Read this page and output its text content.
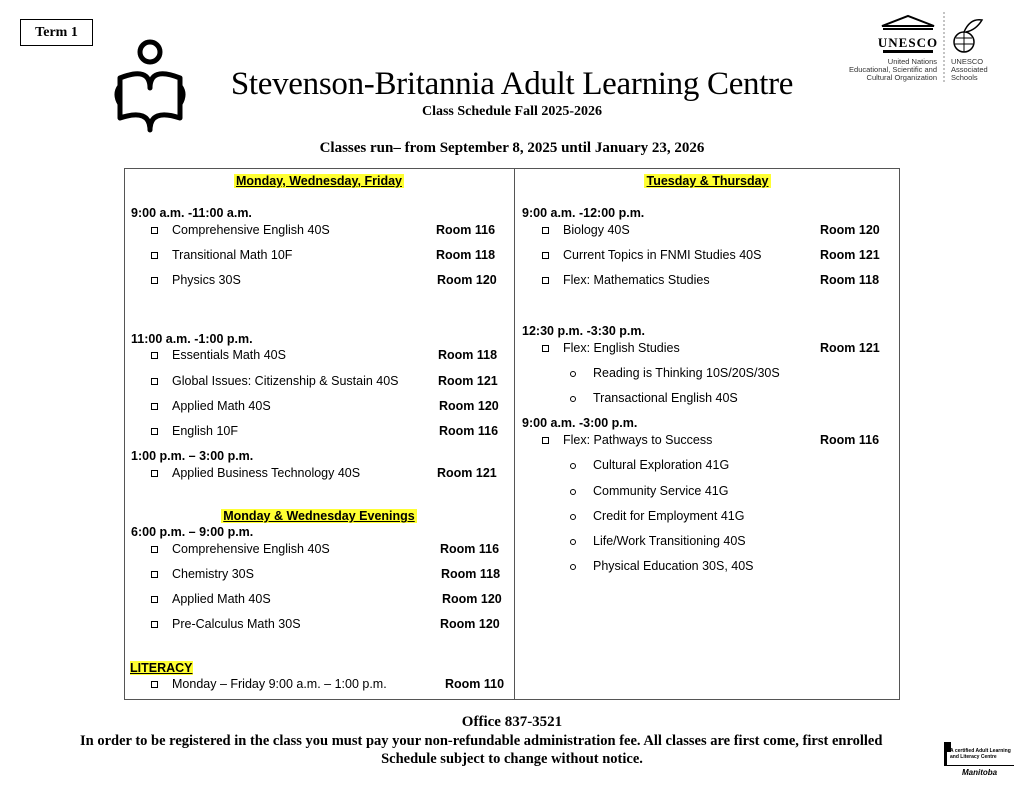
Term 1
Stevenson-Britannia Adult Learning Centre
Class Schedule Fall 2025-2026
Classes run– from September 8, 2025 until January 23, 2026
UNESCO
United Nations Educational, Scientific and Cultural Organization
UNESCO Associated Schools
Monday, Wednesday, Friday
9:00 a.m. -11:00 a.m.
Comprehensive English 40S	Room 116
Transitional Math 10F	Room 118
Physics 30S	Room 120
11:00 a.m. -1:00 p.m.
Essentials Math 40S	Room 118
Global Issues: Citizenship & Sustain 40S	Room 121
Applied Math 40S	Room 120
English 10F	Room 116
1:00 p.m. – 3:00 p.m.
Applied Business Technology 40S	Room 121
Monday & Wednesday Evenings
6:00 p.m. – 9:00 p.m.
Comprehensive English 40S	Room 116
Chemistry 30S	Room 118
Applied Math 40S	Room 120
Pre-Calculus Math 30S	Room 120
LITERACY
Monday – Friday 9:00 a.m. – 1:00 p.m.	Room 110
Tuesday & Thursday
9:00 a.m. -12:00 p.m.
Biology 40S	Room 120
Current Topics in FNMI Studies 40S	Room 121
Flex: Mathematics Studies	Room 118
12:30 p.m. -3:30 p.m.
Flex: English Studies	Room 121
Reading is Thinking 10S/20S/30S
Transactional English 40S
9:00 a.m. -3:00 p.m.
Flex: Pathways to Success	Room 116
Cultural Exploration 41G
Community Service 41G
Credit for Employment 41G
Life/Work Transitioning 40S
Physical Education 30S, 40S
Office 837-3521
In order to be registered in the class you must pay your non-refundable administration fee. All classes are first come, first enrolled
Schedule subject to change without notice.	A certified Adult Learning and Literacy Centre
Manitoba
